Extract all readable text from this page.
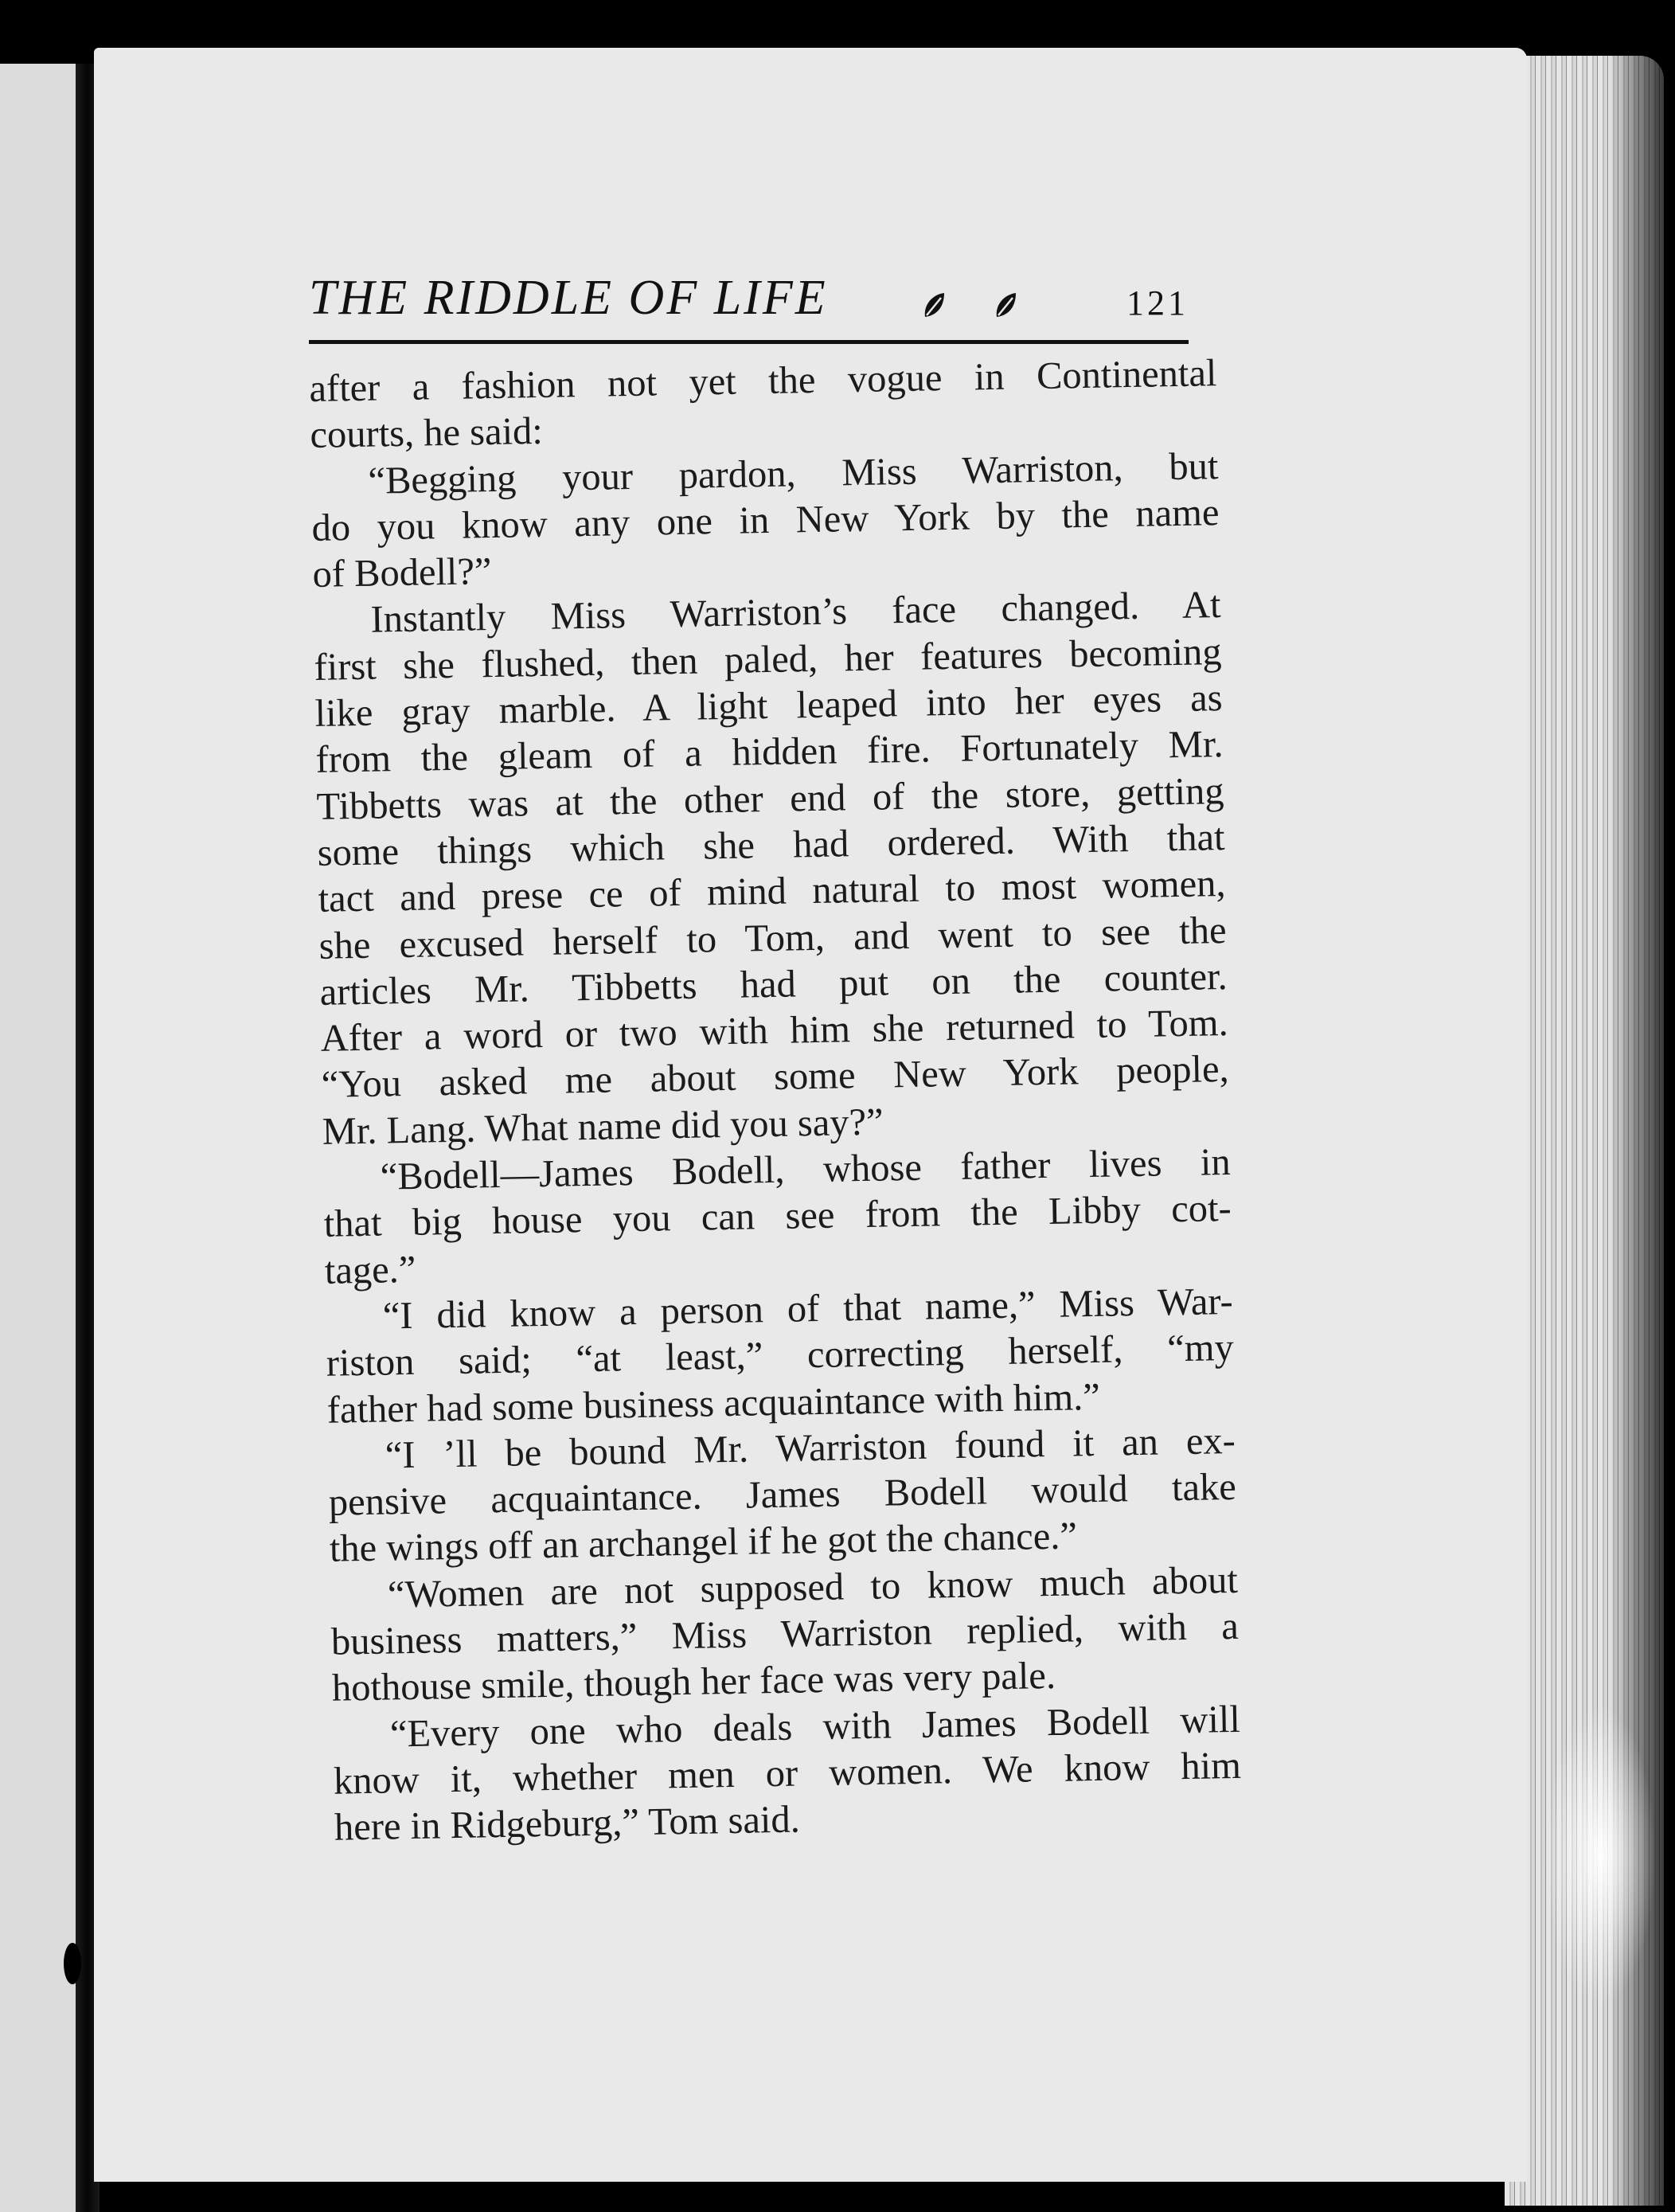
THE RIDDLE OF LIFE	121
after a fashion not yet the vogue in Continental
courts, he said:
“Begging your pardon, Miss Warriston, but
do you know any one in New York by the name
of Bodell?”
Instantly Miss Warriston’s face changed. At
first she flushed, then paled, her features becoming
like gray marble. A light leaped into her eyes as
from the gleam of a hidden fire. Fortunately Mr.
Tibbetts was at the other end of the store, getting
some things which she had ordered. With that
tact and prese ce of mind natural to most women,
she excused herself to Tom, and went to see the
articles Mr. Tibbetts had put on the counter.
After a word or two with him she returned to Tom.
“You asked me about some New York people,
Mr. Lang. What name did you say?”
“Bodell—James Bodell, whose father lives in
that big house you can see from the Libby cot-
tage.”
“I did know a person of that name,” Miss War-
riston said; “at least,” correcting herself, “my
father had some business acquaintance with him.”
“I ’ll be bound Mr. Warriston found it an ex-
pensive acquaintance. James Bodell would take
the wings off an archangel if he got the chance.”
“Women are not supposed to know much about
business matters,” Miss Warriston replied, with a
hothouse smile, though her face was very pale.
“Every one who deals with James Bodell will
know it, whether men or women. We know him
here in Ridgeburg,” Tom said.
